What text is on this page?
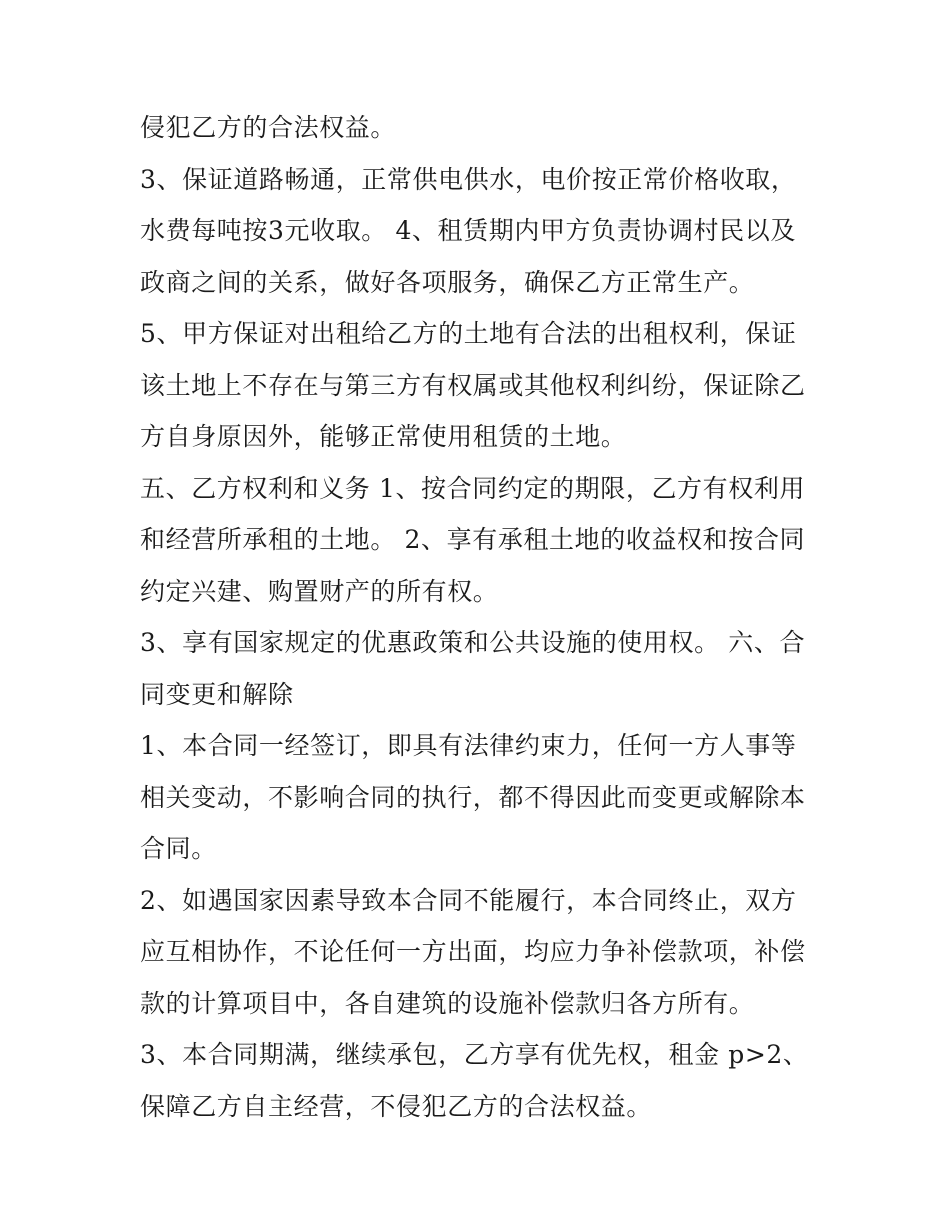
侵犯乙方的合法权益。

3、保证道路畅通，正常供电供水，电价按正常价格收取，水费每吨按3元收取。 4、租赁期内甲方负责协调村民以及政商之间的关系，做好各项服务，确保乙方正常生产。

5、甲方保证对出租给乙方的土地有合法的出租权利，保证该土地上不存在与第三方有权属或其他权利纠纷，保证除乙方自身原因外，能够正常使用租赁的土地。

五、乙方权利和义务 1、按合同约定的期限，乙方有权利用和经营所承租的土地。 2、享有承租土地的收益权和按合同约定兴建、购置财产的所有权。

3、享有国家规定的优惠政策和公共设施的使用权。 六、合同变更和解除

1、本合同一经签订，即具有法律约束力，任何一方人事等相关变动，不影响合同的执行，都不得因此而变更或解除本合同。

2、如遇国家因素导致本合同不能履行，本合同终止，双方应互相协作，不论任何一方出面，均应力争补偿款项，补偿款的计算项目中，各自建筑的设施补偿款归各方所有。

3、本合同期满，继续承包，乙方享有优先权，租金 p>2、保障乙方自主经营，不侵犯乙方的合法权益。
